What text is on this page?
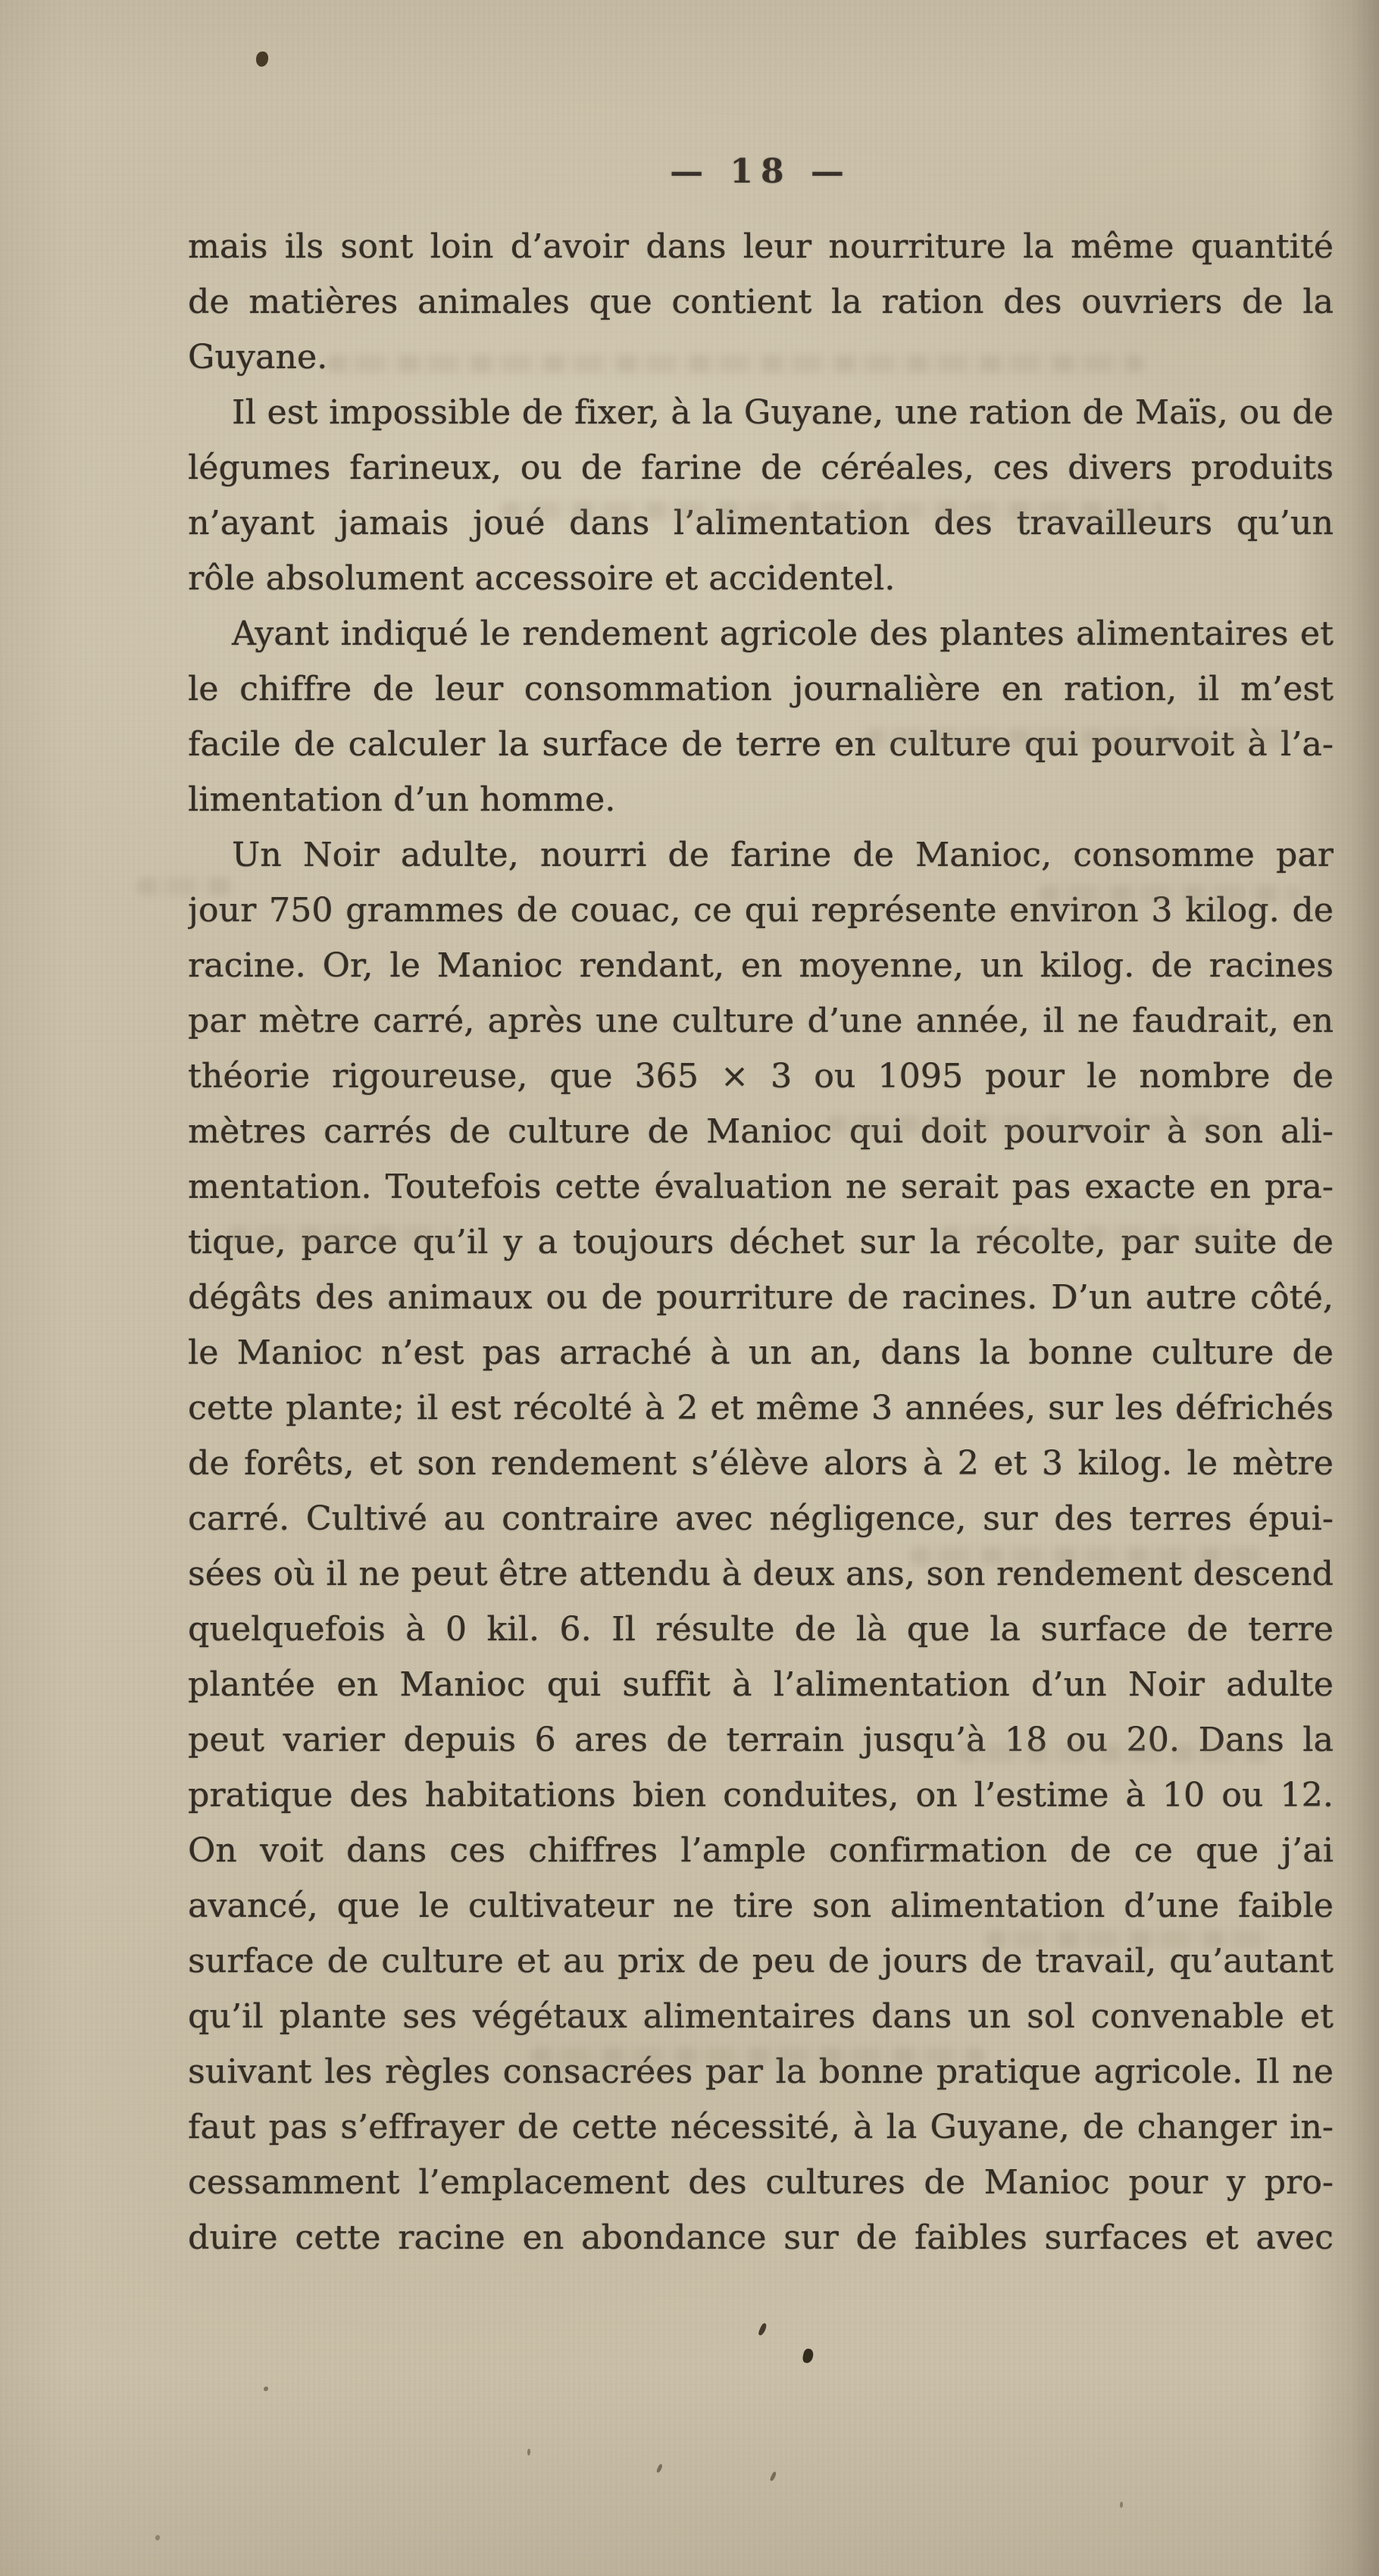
— 18 —
mais ils sont loin d’avoir dans leur nourriture la même quantité
de matières animales que contient la ration des ouvriers de la
Guyane.
Il est impossible de fixer, à la Guyane, une ration de Maïs, ou de
légumes farineux, ou de farine de céréales, ces divers produits
n’ayant jamais joué dans l’alimentation des travailleurs qu’un
rôle absolument accessoire et accidentel.
Ayant indiqué le rendement agricole des plantes alimentaires et
le chiffre de leur consommation journalière en ration, il m’est
facile de calculer la surface de terre en culture qui pourvoit à l’a-
limentation d’un homme.
Un Noir adulte, nourri de farine de Manioc, consomme par
jour 750 grammes de couac, ce qui représente environ 3 kilog. de
racine. Or, le Manioc rendant, en moyenne, un kilog. de racines
par mètre carré, après une culture d’une année, il ne faudrait, en
théorie rigoureuse, que 365 × 3 ou 1095 pour le nombre de
mètres carrés de culture de Manioc qui doit pourvoir à son ali-
mentation. Toutefois cette évaluation ne serait pas exacte en pra-
tique, parce qu’il y a toujours déchet sur la récolte, par suite de
dégâts des animaux ou de pourriture de racines. D’un autre côté,
le Manioc n’est pas arraché à un an, dans la bonne culture de
cette plante; il est récolté à 2 et même 3 années, sur les défrichés
de forêts, et son rendement s’élève alors à 2 et 3 kilog. le mètre
carré. Cultivé au contraire avec négligence, sur des terres épui-
sées où il ne peut être attendu à deux ans, son rendement descend
quelquefois à 0 kil. 6. Il résulte de là que la surface de terre
plantée en Manioc qui suffit à l’alimentation d’un Noir adulte
peut varier depuis 6 ares de terrain jusqu’à 18 ou 20. Dans la
pratique des habitations bien conduites, on l’estime à 10 ou 12.
On voit dans ces chiffres l’ample confirmation de ce que j’ai
avancé, que le cultivateur ne tire son alimentation d’une faible
surface de culture et au prix de peu de jours de travail, qu’autant
qu’il plante ses végétaux alimentaires dans un sol convenable et
suivant les règles consacrées par la bonne pratique agricole. Il ne
faut pas s’effrayer de cette nécessité, à la Guyane, de changer in-
cessamment l’emplacement des cultures de Manioc pour y pro-
duire cette racine en abondance sur de faibles surfaces et avec
